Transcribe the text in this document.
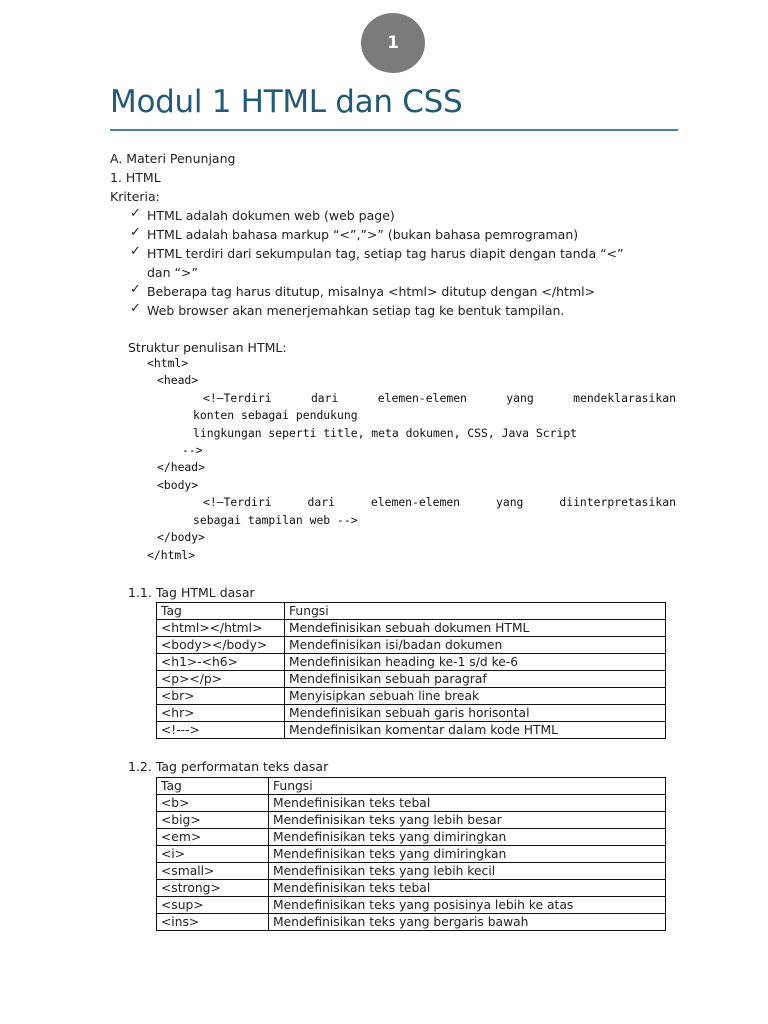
1
Modul 1 HTML dan CSS
A. Materi Penunjang
1. HTML
Kriteria:
✓ HTML adalah dokumen web (web page)
✓ HTML adalah bahasa markup “<”,”>” (bukan bahasa pemrograman)
✓ HTML terdiri dari sekumpulan tag, setiap tag harus diapit dengan tanda “<”
dan “>”
✓ Beberapa tag harus ditutup, misalnya <html> ditutup dengan </html>
✓ Web browser akan menerjemahkan setiap tag ke bentuk tampilan.
Struktur penulisan HTML:
<html>
<head>
<!—Terdiri	dari	elemen-elemen	yang	mendeklarasikan
konten sebagai pendukung
lingkungan seperti title, meta dokumen, CSS, Java Script
-->
</head>
<body>
<!—Terdiri	dari	elemen-elemen	yang	diinterpretasikan
sebagai tampilan web -->
</body>
</html>
1.1. Tag HTML dasar
Tag	Fungsi
<html></html>	Mendefinisikan sebuah dokumen HTML
<body></body>	Mendefinisikan isi/badan dokumen
<h1>-<h6>	Mendefinisikan heading ke-1 s/d ke-6
<p></p>	Mendefinisikan sebuah paragraf
<br>	Menyisipkan sebuah line break
<hr>	Mendefinisikan sebuah garis horisontal
<!--->	Mendefinisikan komentar dalam kode HTML
1.2. Tag performatan teks dasar
Tag	Fungsi
<b>	Mendefinisikan teks tebal
<big>	Mendefinisikan teks yang lebih besar
<em>	Mendefinisikan teks yang dimiringkan
<i>	Mendefinisikan teks yang dimiringkan
<small>	Mendefinisikan teks yang lebih kecil
<strong>	Mendefinisikan teks tebal
<sup>	Mendefinisikan teks yang posisinya lebih ke atas
<ins>	Mendefinisikan teks yang bergaris bawah
